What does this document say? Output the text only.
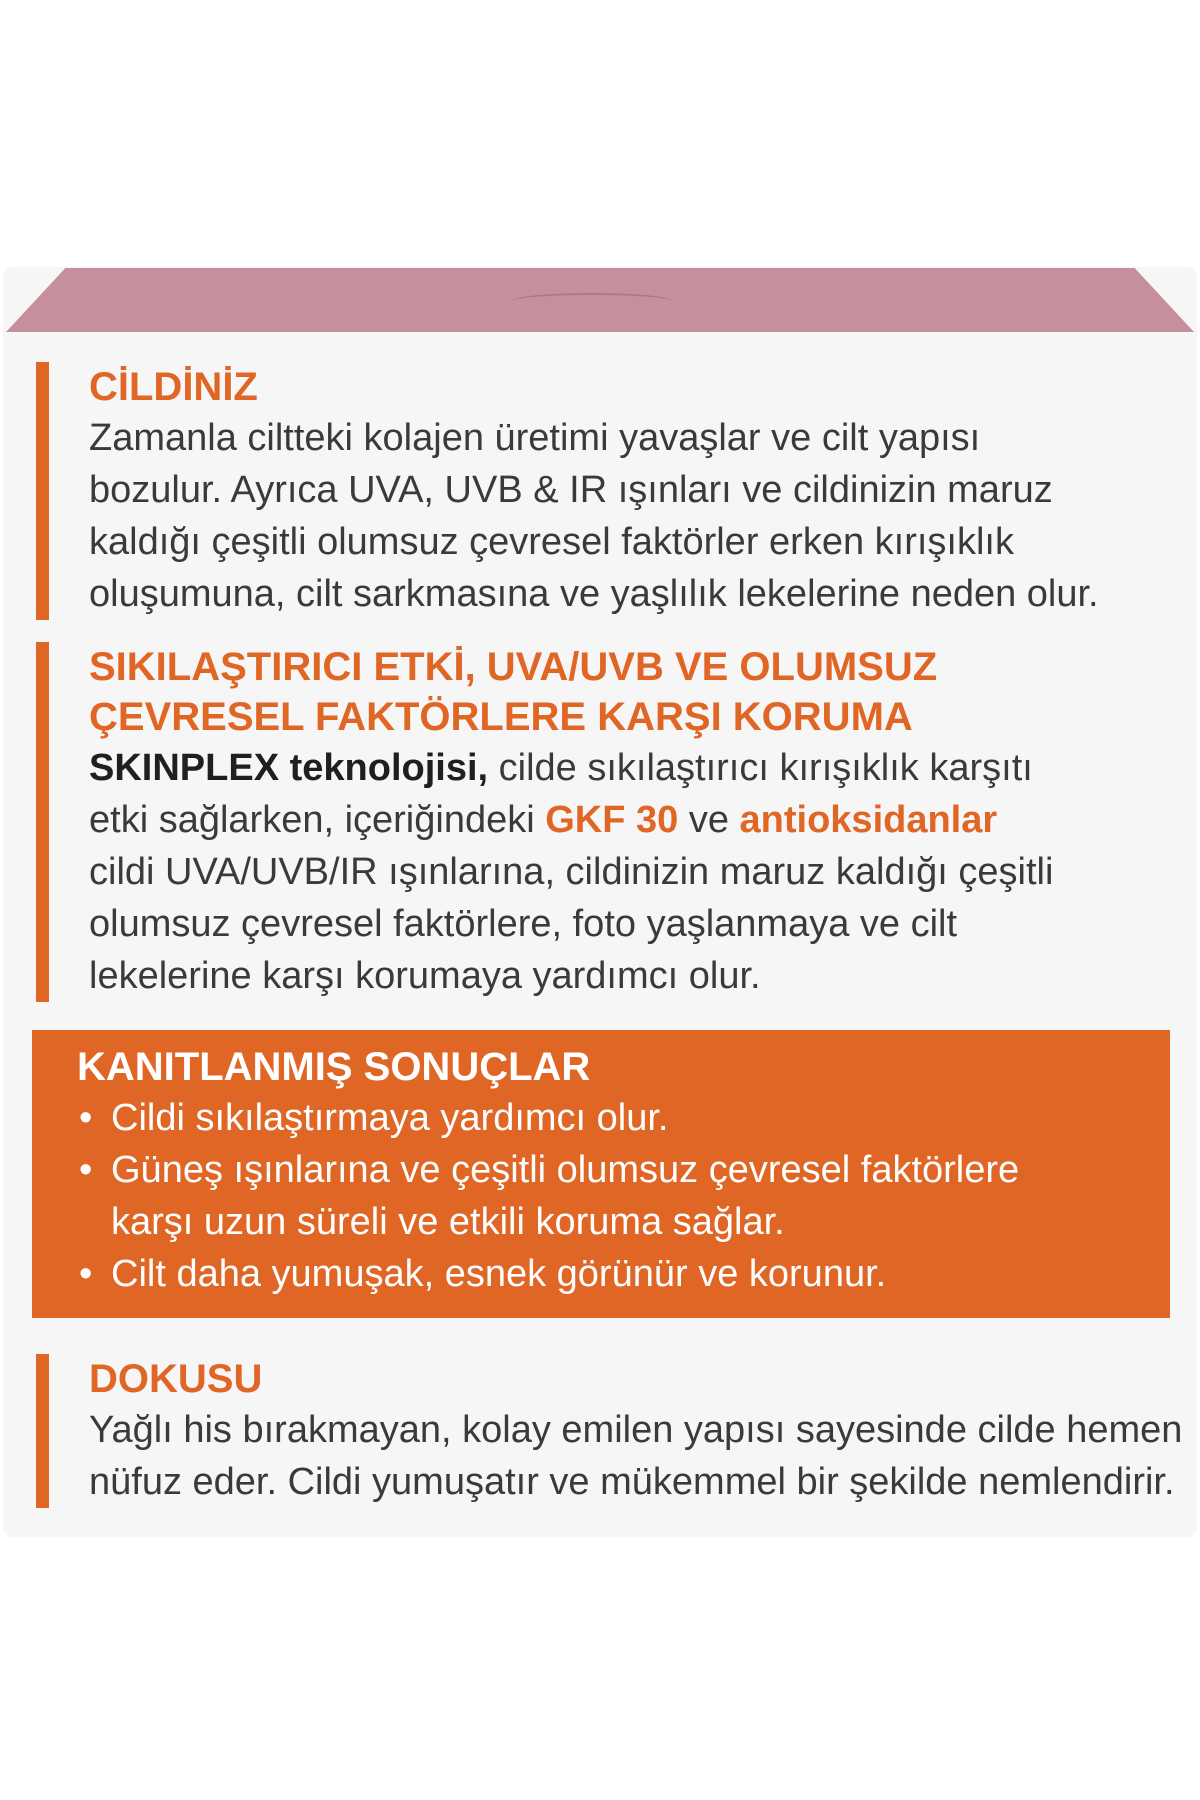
CİLDİNİZ

Zamanla ciltteki kolajen üretimi yavaşlar ve cilt yapısı
bozulur. Ayrıca UVA, UVB & IR ışınları ve cildinizin maruz
kaldığı çeşitli olumsuz çevresel faktörler erken kırışıklık
oluşumuna, cilt sarkmasına ve yaşlılık lekelerine neden olur.

SIKILAŞTIRICI ETKİ, UVA/UVB VE OLUMSUZ
ÇEVRESEL FAKTÖRLERE KARŞI KORUMA

SKINPLEX teknolojisi, cilde sıkılaştırıcı kırışıklık karşıtı
etki sağlarken, içeriğindeki GKF 30 ve antioksidanlar
cildi UVA/UVB/IR ışınlarına, cildinizin maruz kaldığı çeşitli
olumsuz çevresel faktörlere, foto yaşlanmaya ve cilt
lekelerine karşı korumaya yardımcı olur.

KANITLANMIŞ SONUÇLAR
• Cildi sıkılaştırmaya yardımcı olur.
• Güneş ışınlarına ve çeşitli olumsuz çevresel faktörlere
karşı uzun süreli ve etkili koruma sağlar.
• Cilt daha yumuşak, esnek görünür ve korunur.
DOKUSU

Yağlı his bırakmayan, kolay emilen yapısı sayesinde cilde hemen
nüfuz eder. Cildi yumuşatır ve mükemmel bir şekilde nemlendirir.
